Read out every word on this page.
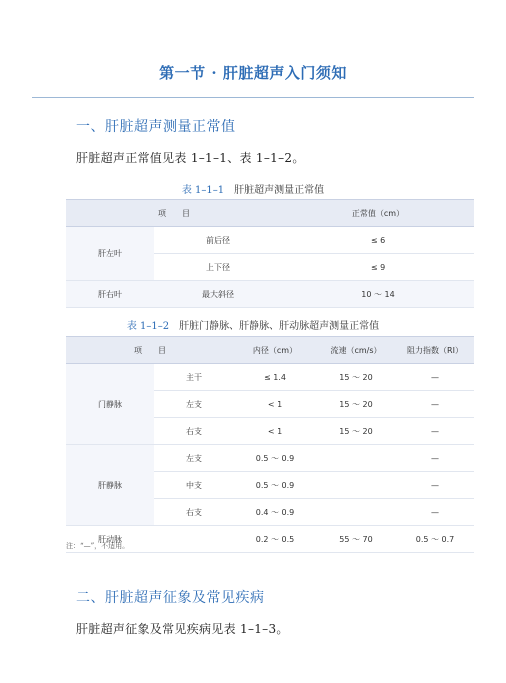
第一节 · 肝脏超声入门须知
一、肝脏超声测量正常值
肝脏超声正常值见表 1–1–1、表 1–1–2。
表 1–1–1 肝脏超声测量正常值
项　　目		正常值（cm）
肝左叶	前后径	≤ 6
	上下径	≤ 9
肝右叶	最大斜径	10 ～ 14
表 1–1–2 肝脏门静脉、肝静脉、肝动脉超声测量正常值
项　　目		内径（cm）	流速（cm/s）	阻力指数（RI）
门静脉	主干	≤ 1.4	15 ～ 20	—
	左支	< 1	15 ～ 20	—
	右支	< 1	15 ～ 20	—
肝静脉	左支	0.5 ～ 0.9		—
	中支	0.5 ～ 0.9		—
	右支	0.4 ～ 0.9		—
肝动脉		0.2 ～ 0.5	55 ～ 70	0.5 ～ 0.7
注：“—”，不适用。
二、肝脏超声征象及常见疾病
肝脏超声征象及常见疾病见表 1–1–3。
